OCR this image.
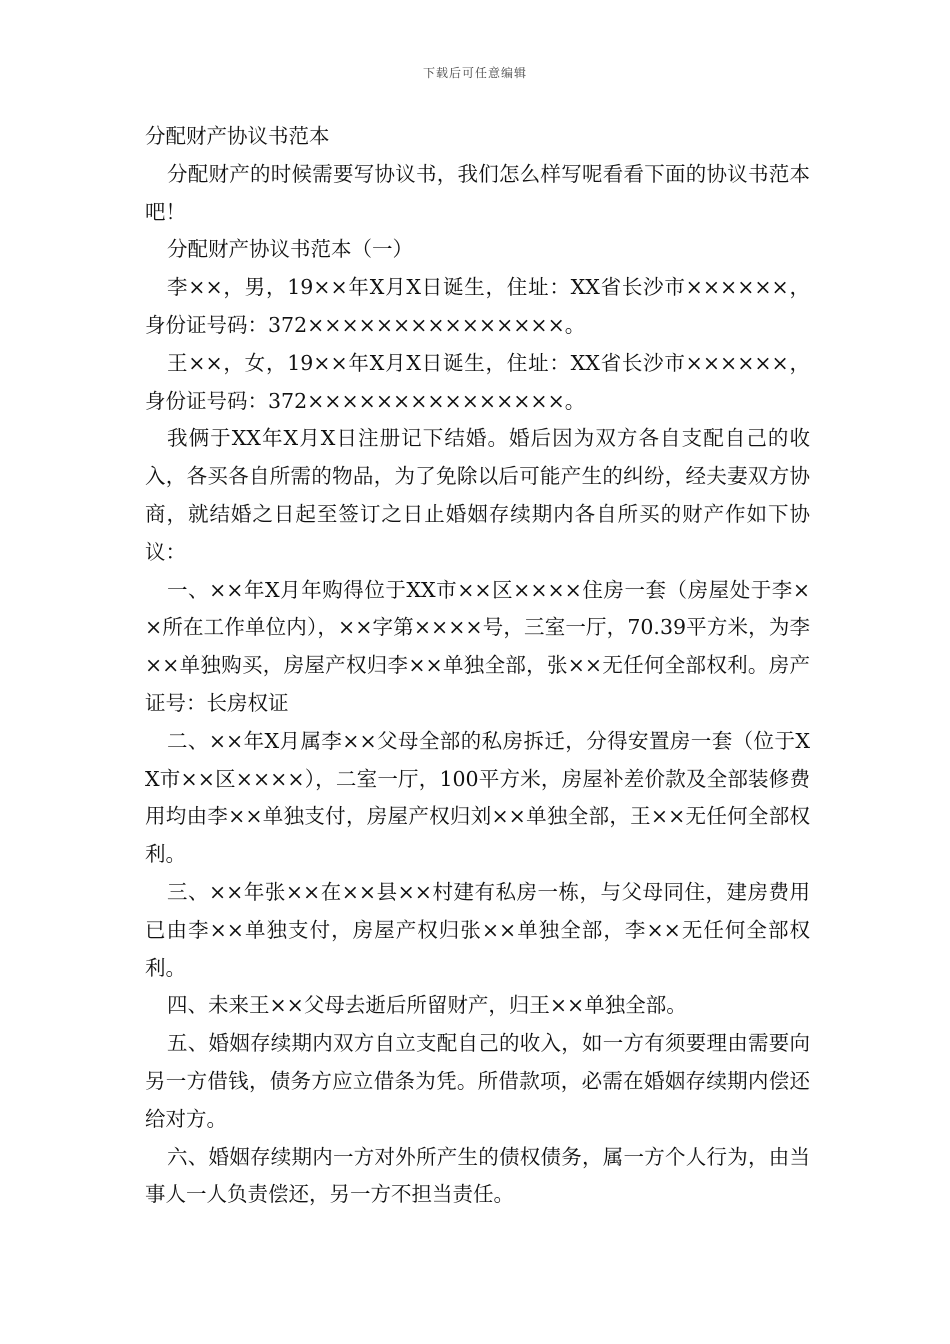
下载后可任意编辑

分配财产协议书范本

分配财产的时候需要写协议书，我们怎么样写呢看看下面的协议书范本吧！

分配财产协议书范本（一）

李××，男，19××年X月X日诞生，住址：XX省长沙市××××××，身份证号码：372×××××××××××××××。

王××，女，19××年X月X日诞生，住址：XX省长沙市××××××，身份证号码：372×××××××××××××××。

我俩于XX年X月X日注册记下结婚。婚后因为双方各自支配自己的收入，各买各自所需的物品，为了免除以后可能产生的纠纷，经夫妻双方协商，就结婚之日起至签订之日止婚姻存续期内各自所买的财产作如下协议：

一、××年X月年购得位于XX市××区××××住房一套（房屋处于李××所在工作单位内），××字第××××号，三室一厅，70.39平方米，为李××单独购买，房屋产权归李××单独全部，张××无任何全部权利。房产证号：长房权证

二、××年X月属李××父母全部的私房拆迁，分得安置房一套（位于XX市××区××××），二室一厅，100平方米，房屋补差价款及全部装修费用均由李××单独支付，房屋产权归刘××单独全部，王××无任何全部权利。

三、××年张××在××县××村建有私房一栋，与父母同住，建房费用已由李××单独支付，房屋产权归张××单独全部，李××无任何全部权利。

四、未来王××父母去逝后所留财产，归王××单独全部。

五、婚姻存续期内双方自立支配自己的收入，如一方有须要理由需要向另一方借钱，债务方应立借条为凭。所借款项，必需在婚姻存续期内偿还给对方。

六、婚姻存续期内一方对外所产生的债权债务，属一方个人行为，由当事人一人负责偿还，另一方不担当责任。
